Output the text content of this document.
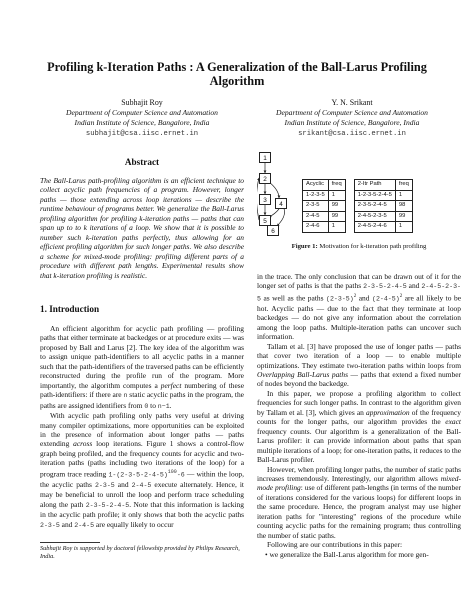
Profiling k-Iteration Paths : A Generalization of the Ball-Larus Profiling Algorithm
Subhajit Roy
Department of Computer Science and Automation
Indian Institute of Science, Bangalore, India
subhajit@csa.iisc.ernet.in
Y. N. Srikant
Department of Computer Science and Automation
Indian Institute of Science, Bangalore, India
srikant@csa.iisc.ernet.in
Abstract

The Ball-Larus path-profiling algorithm is an efficient technique to collect acyclic path frequencies of a program. However, longer paths — those extending across loop iterations — describe the runtime behaviour of programs better. We generalize the Ball-Larus profiling algorithm for profiling k-iteration paths — paths that can span up to to k iterations of a loop. We show that it is possible to number such k-iteration paths perfectly, thus allowing for an efficient profiling algorithm for such longer paths. We also describe a scheme for mixed-mode profiling: profiling different parts of a procedure with different path lengths. Experimental results show that k-iteration profiling is realistic.

1. Introduction

An efficient algorithm for acyclic path profiling — profiling paths that either terminate at backedges or at procedure exits — was proposed by Ball and Larus [2]. The key idea of the algorithm was to assign unique path-identifiers to all acyclic paths in a manner such that the path-identifiers of the traversed paths can be efficiently reconstructed during the profile run of the program. More importantly, the algorithm computes a perfect numbering of these path-identifiers: if there are n static acyclic paths in the program, the paths are assigned identifiers from 0 to n−1.

With acyclic path profiling only paths very useful at driving many compiler optimizations, more opportunities can be exploited in the presence of information about longer paths — paths extending across loop iterations. Figure 1 shows a control-flow graph being profiled, and the frequency counts for acyclic and two-iteration paths (paths including two iterations of the loop) for a program trace reading $1-(2-3-5-2-4-5)^{100}-6$ — within the loop, the acyclic paths 2-3-5 and 2-4-5 execute alternately. Hence, it may be beneficial to unroll the loop and perform trace scheduling along the path 2-3-5-2-4-5. Note that this information is lacking in the acyclic path profile; it only shows that both the acyclic paths 2-3-5 and 2-4-5 are equally likely to occur

Subhajit Roy is supported by doctoral fellowship provided by Philips Research, India.
1
2
3
4
5
6
Acyclic	freq		2-Itr Path	freq
1-2-3-5	1		1-2-3-5-2-4-5	1
2-3-5	99		2-3-5-2-4-5	98
2-4-5	99		2-4-5-2-3-5	99
2-4-6	1		2-4-5-2-4-6	1
Figure 1: Motivation for k-iteration path profiling

in the trace. The only conclusion that can be drawn out of it for the longer set of paths is that the paths 2-3-5-2-4-5 and 2-4-5-2-3-5 as well as the paths $(2-3-5)^2$ and $(2-4-5)^2$ are all likely to be hot. Acyclic paths — due to the fact that they terminate at loop backedges — do not give any information about the correlation among the loop paths. Multiple-iteration paths can uncover such information.

Tallam et al. [3] have proposed the use of longer paths — paths that cover two iteration of a loop — to enable multiple optimizations. They estimate two-iteration paths within loops from Overlapping Ball-Larus paths — paths that extend a fixed number of nodes beyond the backedge.

In this paper, we propose a profiling algorithm to collect frequencies for such longer paths. In contrast to the algorithm given by Tallam et al. [3], which gives an approximation of the frequency counts for the longer paths, our algorithm provides the exact frequency counts. Our algorithm is a generalization of the Ball-Larus profiler: it can provide information about paths that span multiple iterations of a loop; for one-iteration paths, it reduces to the Ball-Larus profiler.

However, when profiling longer paths, the number of static paths increases tremendously. Interestingly, our algorithm allows mixed-mode profiling: use of different path-lengths (in terms of the number of iterations considered for the various loops) for different loops in the same procedure. Hence, the program analyst may use higher iteration paths for "interesting" regions of the procedure while counting acyclic paths for the remaining program; thus controlling the number of static paths.

Following are our contributions in this paper:

• we generalize the Ball-Larus algorithm for more gen-
